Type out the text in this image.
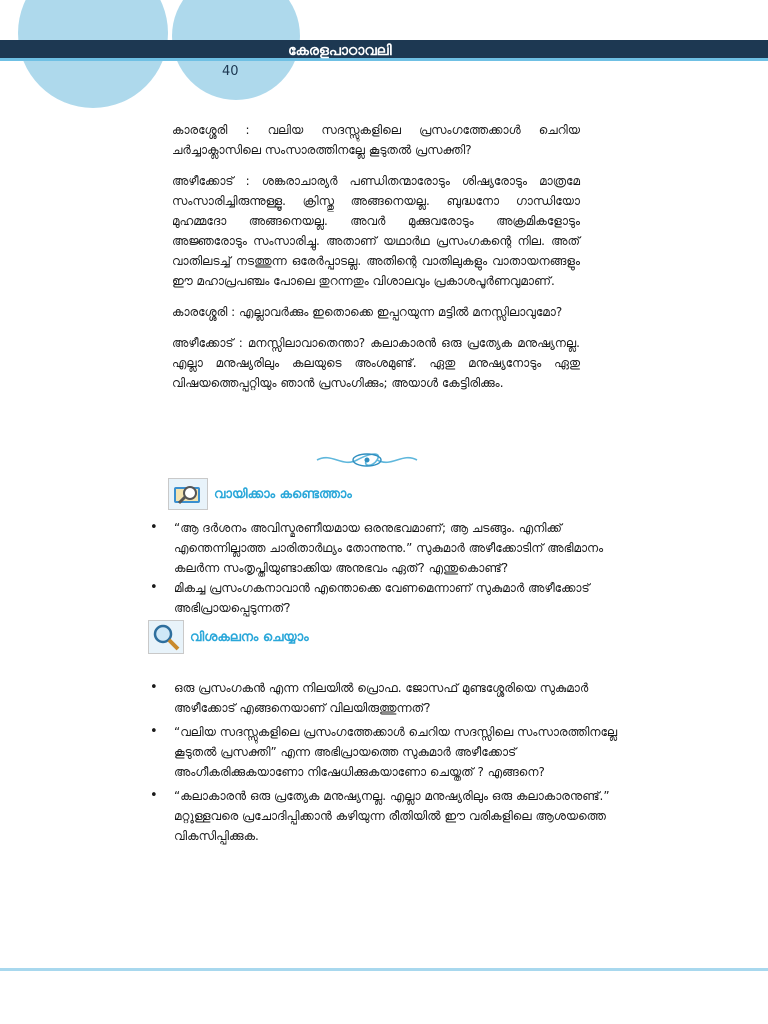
കേരളപാഠാവലി
40

കാരശ്ശേരി : വലിയ സദസ്സുകളിലെ പ്രസംഗത്തേക്കാൾ ചെറിയ ചർച്ചാക്ലാസിലെ സംസാരത്തിനല്ലേ കൂടുതൽ പ്രസക്തി?

അഴീക്കോട് : ശങ്കരാചാര്യർ പണ്ഡിതന്മാരോടും ശിഷ്യരോടും മാത്രമേ സംസാരിച്ചിരുന്നുള്ളൂ. ക്രിസ്തു അങ്ങനെയല്ല. ബുദ്ധനോ ഗാന്ധിയോ മുഹമ്മദോ അങ്ങനെയല്ല. അവർ മുക്കുവരോടും അക്രമികളോടും അജ്ഞരോടും സംസാരിച്ചു. അതാണ് യഥാർഥ പ്രസംഗകന്റെ നില. അത് വാതിലടച്ച് നടത്തുന്ന ഒരേർപ്പാടല്ല. അതിന്റെ വാതിലുകളും വാതായനങ്ങളും ഈ മഹാപ്രപഞ്ചം പോലെ തുറന്നതും വിശാലവും പ്രകാശപൂർണവുമാണ്.

കാരശ്ശേരി : എല്ലാവർക്കും ഇതൊക്കെ ഇപ്പറയുന്ന മട്ടിൽ മനസ്സിലാവുമോ?

അഴീക്കോട് : മനസ്സിലാവാതെന്താ? കലാകാരൻ ഒരു പ്രത്യേക മനുഷ്യനല്ല. എല്ലാ മനുഷ്യരിലും കലയുടെ അംശമുണ്ട്. ഏതു മനുഷ്യനോടും ഏതു വിഷയത്തെപ്പറ്റിയും ഞാൻ പ്രസംഗിക്കും; അയാൾ കേട്ടിരിക്കും.

വായിക്കാം കണ്ടെത്താം
• “ആ ദർശനം അവിസ്മരണീയമായ ഒരനുഭവമാണ്; ആ ചടങ്ങും. എനിക്ക് എന്തെന്നില്ലാത്ത ചാരിതാർഥ്യം തോന്നുന്നു.” സുകുമാർ അഴീക്കോടിന് അഭിമാനം കലർന്ന സംതൃപ്തിയുണ്ടാക്കിയ അനുഭവം ഏത്? എന്തുകൊണ്ട്?
• മികച്ച പ്രസംഗകനാവാൻ എന്തൊക്കെ വേണമെന്നാണ് സുകുമാർ അഴീക്കോട് അഭിപ്രായപ്പെടുന്നത്?
വിശകലനം ചെയ്യാം
• ഒരു പ്രസംഗകൻ എന്ന നിലയിൽ പ്രൊഫ. ജോസഫ് മുണ്ടശ്ശേരിയെ സുകുമാർ അഴീക്കോട് എങ്ങനെയാണ് വിലയിരുത്തുന്നത്?
• “വലിയ സദസ്സുകളിലെ പ്രസംഗത്തേക്കാൾ ചെറിയ സദസ്സിലെ സംസാരത്തിനല്ലേ കൂടുതൽ പ്രസക്തി” എന്ന അഭിപ്രായത്തെ സുകുമാർ അഴീക്കോട് അംഗീകരിക്കുകയാണോ നിഷേധിക്കുകയാണോ ചെയ്തത് ? എങ്ങനെ?
• “കലാകാരൻ ഒരു പ്രത്യേക മനുഷ്യനല്ല. എല്ലാ മനുഷ്യരിലും ഒരു കലാകാരനുണ്ട്.” മറ്റുള്ളവരെ പ്രചോദിപ്പിക്കാൻ കഴിയുന്ന രീതിയിൽ ഈ വരികളിലെ ആശയത്തെ വികസിപ്പിക്കുക.
